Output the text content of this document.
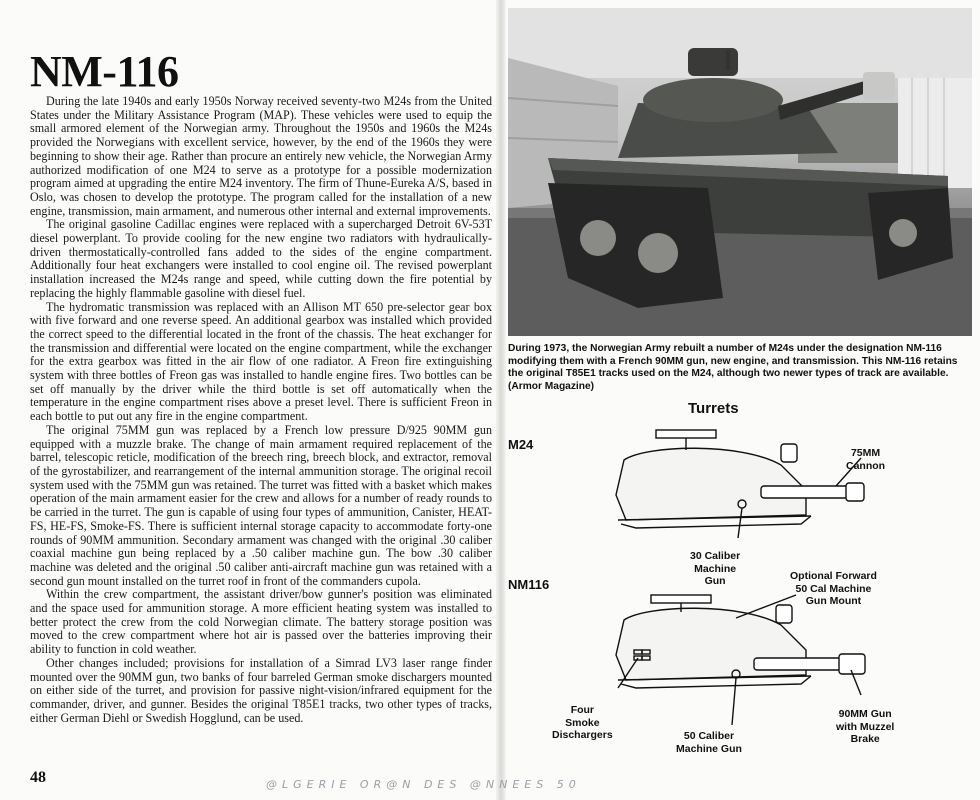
NM-116

During the late 1940s and early 1950s Norway received seventy-two M24s from the United States under the Military Assistance Program (MAP). These vehicles were used to equip the small armored element of the Norwegian army. Throughout the 1950s and 1960s the M24s provided the Norwegians with excellent service, however, by the end of the 1960s they were beginning to show their age. Rather than procure an entirely new vehicle, the Norwegian Army authorized modification of one M24 to serve as a prototype for a possible modernization program aimed at upgrading the entire M24 inventory. The firm of Thune-Eureka A/S, based in Oslo, was chosen to develop the prototype. The program called for the installation of a new engine, transmission, main armament, and numerous other internal and external improvements.

The original gasoline Cadillac engines were replaced with a supercharged Detroit 6V-53T diesel powerplant. To provide cooling for the new engine two radiators with hydraulically-driven thermostatically-controlled fans added to the sides of the engine compartment. Additionally four heat exchangers were installed to cool engine oil. The revised powerplant installation increased the M24s range and speed, while cutting down the fire potential by replacing the highly flammable gasoline with diesel fuel.

The hydromatic transmission was replaced with an Allison MT 650 pre-selector gear box with five forward and one reverse speed. An additional gearbox was installed which provided the correct speed to the differential located in the front of the chassis. The heat exchanger for the transmission and differential were located on the engine compartment, while the exchanger for the extra gearbox was fitted in the air flow of one radiator. A Freon fire extinguishing system with three bottles of Freon gas was installed to handle engine fires. Two bottles can be set off manually by the driver while the third bottle is set off automatically when the temperature in the engine compartment rises above a preset level. There is sufficient Freon in each bottle to put out any fire in the engine compartment.

The original 75MM gun was replaced by a French low pressure D/925 90MM gun equipped with a muzzle brake. The change of main armament required replacement of the barrel, telescopic reticle, modification of the breech ring, breech block, and extractor, removal of the gyrostabilizer, and rearrangement of the internal ammunition storage. The original recoil system used with the 75MM gun was retained. The turret was fitted with a basket which makes operation of the main armament easier for the crew and allows for a number of ready rounds to be carried in the turret. The gun is capable of using four types of ammunition, Canister, HEAT-FS, HE-FS, Smoke-FS. There is sufficient internal storage capacity to accommodate forty-one rounds of 90MM ammunition. Secondary armament was changed with the original .30 caliber coaxial machine gun being replaced by a .50 caliber machine gun. The bow .30 caliber machine was deleted and the original .50 caliber anti-aircraft machine gun was retained with a second gun mount installed on the turret roof in front of the commanders cupola.

Within the crew compartment, the assistant driver/bow gunner's position was eliminated and the space used for ammunition storage. A more efficient heating system was installed to better protect the crew from the cold Norwegian climate. The battery storage position was moved to the crew compartment where hot air is passed over the batteries improving their ability to function in cold weather.

Other changes included; provisions for installation of a Simrad LV3 laser range finder mounted over the 90MM gun, two banks of four barreled German smoke dischargers mounted on either side of the turret, and provision for passive night-vision/infrared equipment for the commander, driver, and gunner. Besides the original T85E1 tracks, two other types of tracks, either German Diehl or Swedish Hogglund, can be used.

48	@LGERIE OR@N DES @NNEES 50
During 1973, the Norwegian Army rebuilt a number of M24s under the designation NM-116 modifying them with a French 90MM gun, new engine, and transmission. This NM-116 retains the original T85E1 tracks used on the M24, although two newer types of track are available. (Armor Magazine)
Turrets
M24
NM116
75MM
Cannon
30 Caliber
Machine
Gun	Optional Forward
50 Cal Machine
Gun Mount
Four
Smoke
Dischargers	50 Caliber
Machine Gun
90MM Gun
with Muzzel
Brake
